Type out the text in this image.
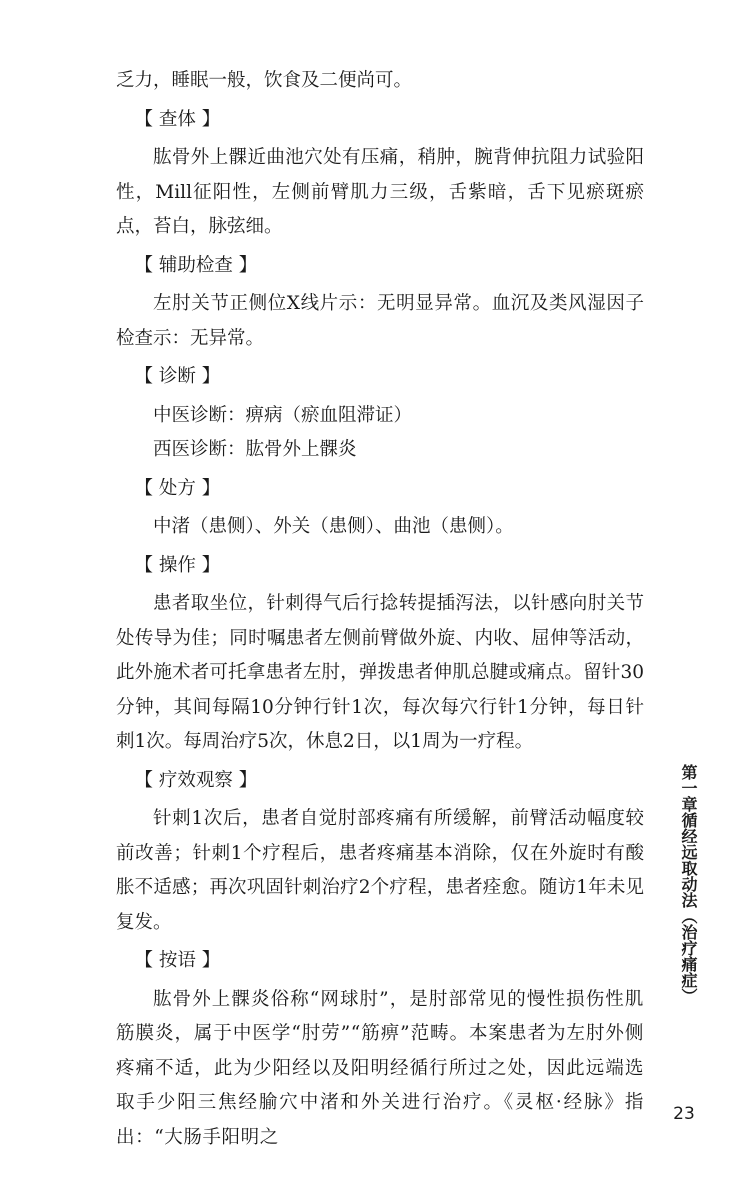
乏力，睡眠一般，饮食及二便尚可。

【 查体 】

肱骨外上髁近曲池穴处有压痛，稍肿，腕背伸抗阻力试验阳性，Mill征阳性，左侧前臂肌力三级，舌紫暗，舌下见瘀斑瘀点，苔白，脉弦细。

【 辅助检查 】

左肘关节正侧位X线片示：无明显异常。血沉及类风湿因子检查示：无异常。

【 诊断 】

中医诊断：痹病（瘀血阻滞证）

西医诊断：肱骨外上髁炎

【 处方 】

中渚（患侧）、外关（患侧）、曲池（患侧）。

【 操作 】

患者取坐位，针刺得气后行捻转提插泻法，以针感向肘关节处传导为佳；同时嘱患者左侧前臂做外旋、内收、屈伸等活动，此外施术者可托拿患者左肘，弹拨患者伸肌总腱或痛点。留针30分钟，其间每隔10分钟行针1次，每次每穴行针1分钟，每日针刺1次。每周治疗5次，休息2日，以1周为一疗程。

【 疗效观察 】

针刺1次后，患者自觉肘部疼痛有所缓解，前臂活动幅度较前改善；针刺1个疗程后，患者疼痛基本消除，仅在外旋时有酸胀不适感；再次巩固针刺治疗2个疗程，患者痊愈。随访1年未见复发。

【 按语 】

肱骨外上髁炎俗称“网球肘”，是肘部常见的慢性损伤性肌筋膜炎，属于中医学“肘劳”“筋痹”范畴。本案患者为左肘外侧疼痛不适，此为少阳经以及阳明经循行所过之处，因此远端选取手少阳三焦经腧穴中渚和外关进行治疗。《灵枢·经脉》指出：“大肠手阳明之

第一章循经远取动法（治疗痛症）
23
